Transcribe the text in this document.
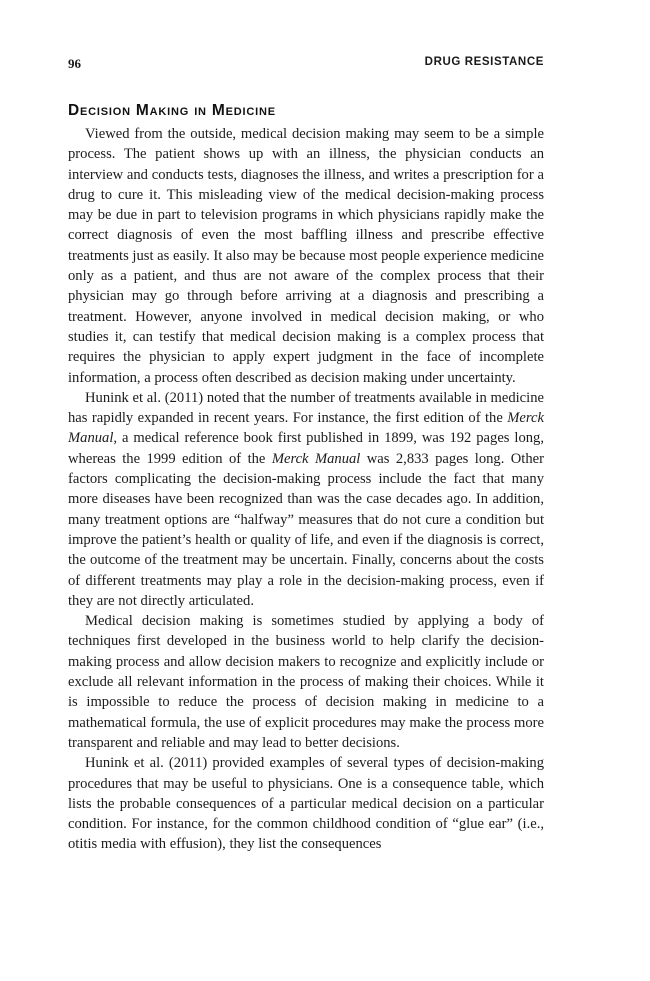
96	DRUG RESISTANCE
Decision Making in Medicine

Viewed from the outside, medical decision making may seem to be a simple process. The patient shows up with an illness, the physician conducts an interview and conducts tests, diagnoses the illness, and writes a prescription for a drug to cure it. This misleading view of the medical decision-making process may be due in part to television programs in which physicians rapidly make the correct diagnosis of even the most baffling illness and prescribe effective treatments just as easily. It also may be because most people experience medicine only as a patient, and thus are not aware of the complex process that their physician may go through before arriving at a diagnosis and prescribing a treatment. However, anyone involved in medical decision making, or who studies it, can testify that medical decision making is a complex process that requires the physician to apply expert judgment in the face of incomplete information, a process often described as decision making under uncertainty.

Hunink et al. (2011) noted that the number of treatments available in medicine has rapidly expanded in recent years. For instance, the first edition of the Merck Manual, a medical reference book first published in 1899, was 192 pages long, whereas the 1999 edition of the Merck Manual was 2,833 pages long. Other factors complicating the decision-making process include the fact that many more diseases have been recognized than was the case decades ago. In addition, many treatment options are “halfway” measures that do not cure a condition but improve the patient’s health or quality of life, and even if the diagnosis is correct, the outcome of the treatment may be uncertain. Finally, concerns about the costs of different treatments may play a role in the decision-making process, even if they are not directly articulated.

Medical decision making is sometimes studied by applying a body of techniques first developed in the business world to help clarify the decision-making process and allow decision makers to recognize and explicitly include or exclude all relevant information in the process of making their choices. While it is impossible to reduce the process of decision making in medicine to a mathematical formula, the use of explicit procedures may make the process more transparent and reliable and may lead to better decisions.

Hunink et al. (2011) provided examples of several types of decision-making procedures that may be useful to physicians. One is a consequence table, which lists the probable consequences of a particular medical decision on a particular condition. For instance, for the common childhood condition of “glue ear” (i.e., otitis media with effusion), they list the consequences
